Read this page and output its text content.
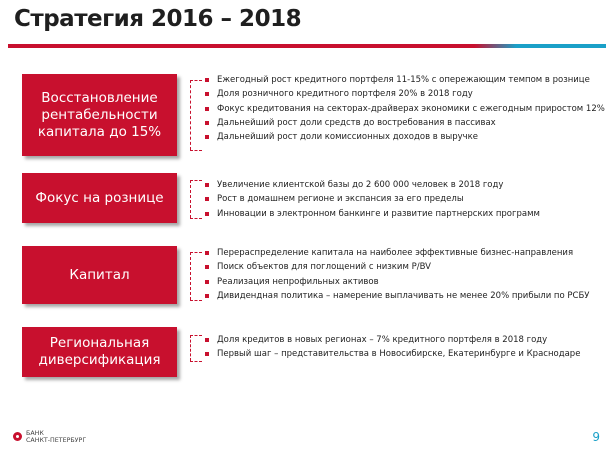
Стратегия 2016 – 2018
Восстановление
рентабельности
капитала до 15%
Ежегодный рост кредитного портфеля 11-15% с опережающим темпом в рознице
Доля розничного кредитного портфеля 20% в 2018 году
Фокус кредитования на секторах-драйверах экономики с ежегодным приростом 12%
Дальнейший рост доли средств до востребования в пассивах
Дальнейший рост доли комиссионных доходов в выручке
Фокус на рознице
Увеличение клиентской базы до 2 600 000 человек в 2018 году
Рост в домашнем регионе и экспансия за его пределы
Инновации в электронном банкинге и развитие партнерских программ
Капитал
Перераспределение капитала на наиболее эффективные бизнес-направления
Поиск объектов для поглощений с низким P/BV
Реализация непрофильных активов
Дивидендная политика – намерение выплачивать не менее 20% прибыли по РСБУ
Региональная
диверсификация
Доля кредитов в новых регионах – 7% кредитного портфеля в 2018 году
Первый шаг – представительства в Новосибирске, Екатеринбурге и Краснодаре
БАНК
САНКТ-ПЕТЕРБУРГ	9
